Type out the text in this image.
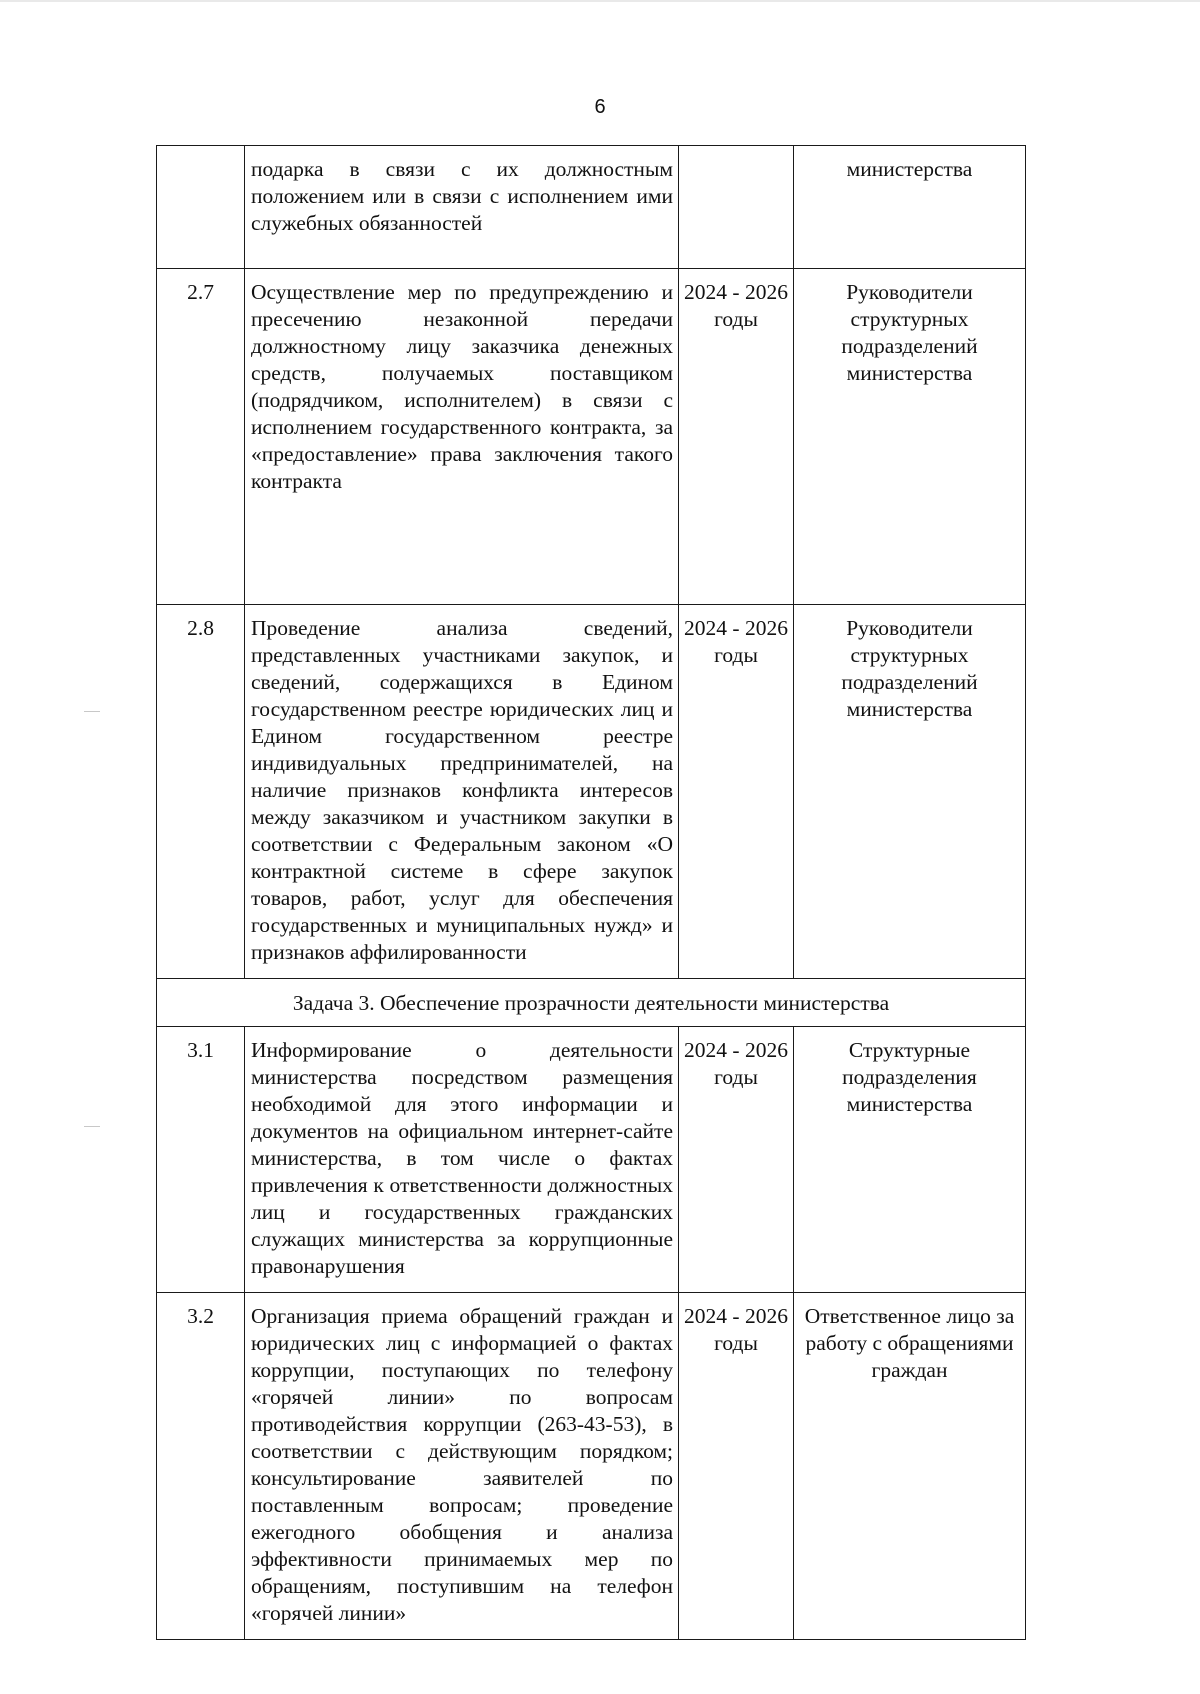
6
	подарка в связи с их должностным положением или в связи с исполнением ими служебных обязанностей		министерства
2.7	Осуществление мер по предупреждению и пресечению незаконной передачи должностному лицу заказчика денежных средств, получаемых поставщиком (подрядчиком, исполнителем) в связи с исполнением государственного контракта, за «предоставление» права заключения такого контракта	2024 - 2026 годы	Руководители структурных подразделений министерства
2.8	Проведение анализа сведений, представленных участниками закупок, и сведений, содержащихся в Едином государственном реестре юридических лиц и Едином государственном реестре индивидуальных предпринимателей, на наличие признаков конфликта интересов между заказчиком и участником закупки в соответствии с Федеральным законом «О контрактной системе в сфере закупок товаров, работ, услуг для обеспечения государственных и муниципальных нужд» и признаков аффилированности	2024 - 2026 годы	Руководители структурных подразделений министерства
Задача 3. Обеспечение прозрачности деятельности министерства			
3.1	Информирование о деятельности министерства посредством размещения необходимой для этого информации и документов на официальном интернет-сайте министерства, в том числе о фактах привлечения к ответственности должностных лиц и государственных гражданских служащих министерства за коррупционные правонарушения	2024 - 2026 годы	Структурные подразделения министерства
3.2	Организация приема обращений граждан и юридических лиц с информацией о фактах коррупции, поступающих по телефону «горячей линии» по вопросам противодействия коррупции (263-43-53), в соответствии с действующим порядком; консультирование заявителей по поставленным вопросам; проведение ежегодного обобщения и анализа эффективности принимаемых мер по обращениям, поступившим на телефон «горячей линии»	2024 - 2026 годы	Ответственное лицо за работу с обращениями граждан
